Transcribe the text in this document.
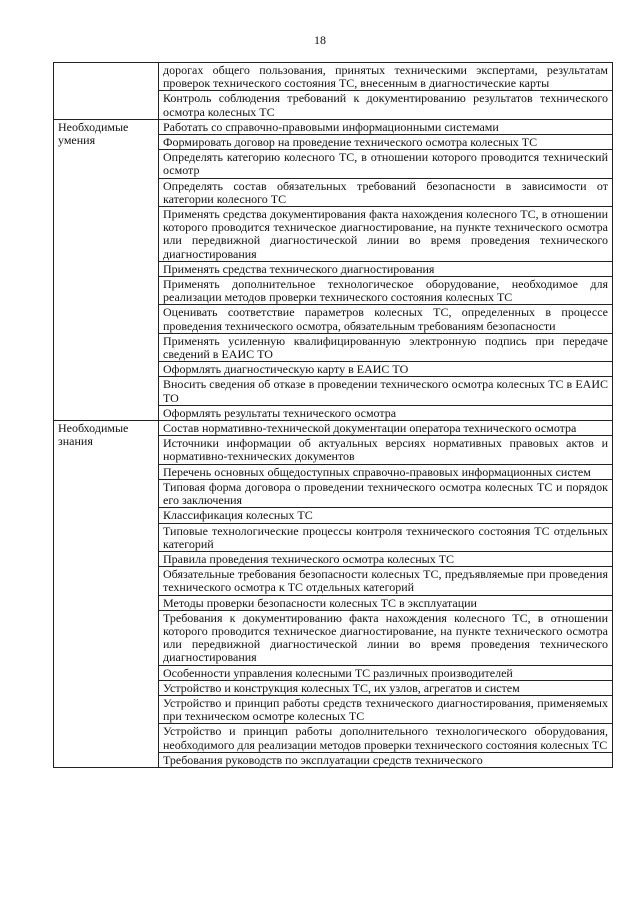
18
	дорогах общего пользования, принятых техническими экспертами, результатам проверок технического состояния ТС, внесенным в диагностические карты
	Контроль соблюдения требований к документированию результатов технического осмотра колесных ТС
Необходимые умения	Работать со справочно-правовыми информационными системами
	Формировать договор на проведение технического осмотра колесных ТС
	Определять категорию колесного ТС, в отношении которого проводится технический осмотр
	Определять состав обязательных требований безопасности в зависимости от категории колесного ТС
	Применять средства документирования факта нахождения колесного ТС, в отношении которого проводится техническое диагностирование, на пункте технического осмотра или передвижной диагностической линии во время проведения технического диагностирования
	Применять средства технического диагностирования
	Применять дополнительное технологическое оборудование, необходимое для реализации методов проверки технического состояния колесных ТС
	Оценивать соответствие параметров колесных ТС, определенных в процессе проведения технического осмотра, обязательным требованиям безопасности
	Применять усиленную квалифицированную электронную подпись при передаче сведений в ЕАИС ТО
	Оформлять диагностическую карту в ЕАИС ТО
	Вносить сведения об отказе в проведении технического осмотра колесных ТС в ЕАИС ТО
	Оформлять результаты технического осмотра
Необходимые знания	Состав нормативно-технической документации оператора технического осмотра
	Источники информации об актуальных версиях нормативных правовых актов и нормативно-технических документов
	Перечень основных общедоступных справочно-правовых информационных систем
	Типовая форма договора о проведении технического осмотра колесных ТС и порядок его заключения
	Классификация колесных ТС
	Типовые технологические процессы контроля технического состояния ТС отдельных категорий
	Правила проведения технического осмотра колесных ТС
	Обязательные требования безопасности колесных ТС, предъявляемые при проведения технического осмотра к ТС отдельных категорий
	Методы проверки безопасности колесных ТС в эксплуатации
	Требования к документированию факта нахождения колесного ТС, в отношении которого проводится техническое диагностирование, на пункте технического осмотра или передвижной диагностической линии во время проведения технического диагностирования
	Особенности управления колесными ТС различных производителей
	Устройство и конструкция колесных ТС, их узлов, агрегатов и систем
	Устройство и принцип работы средств технического диагностирования, применяемых при техническом осмотре колесных ТС
	Устройство и принцип работы дополнительного технологического оборудования, необходимого для реализации методов проверки технического состояния колесных ТС
	Требования руководств по эксплуатации средств технического
